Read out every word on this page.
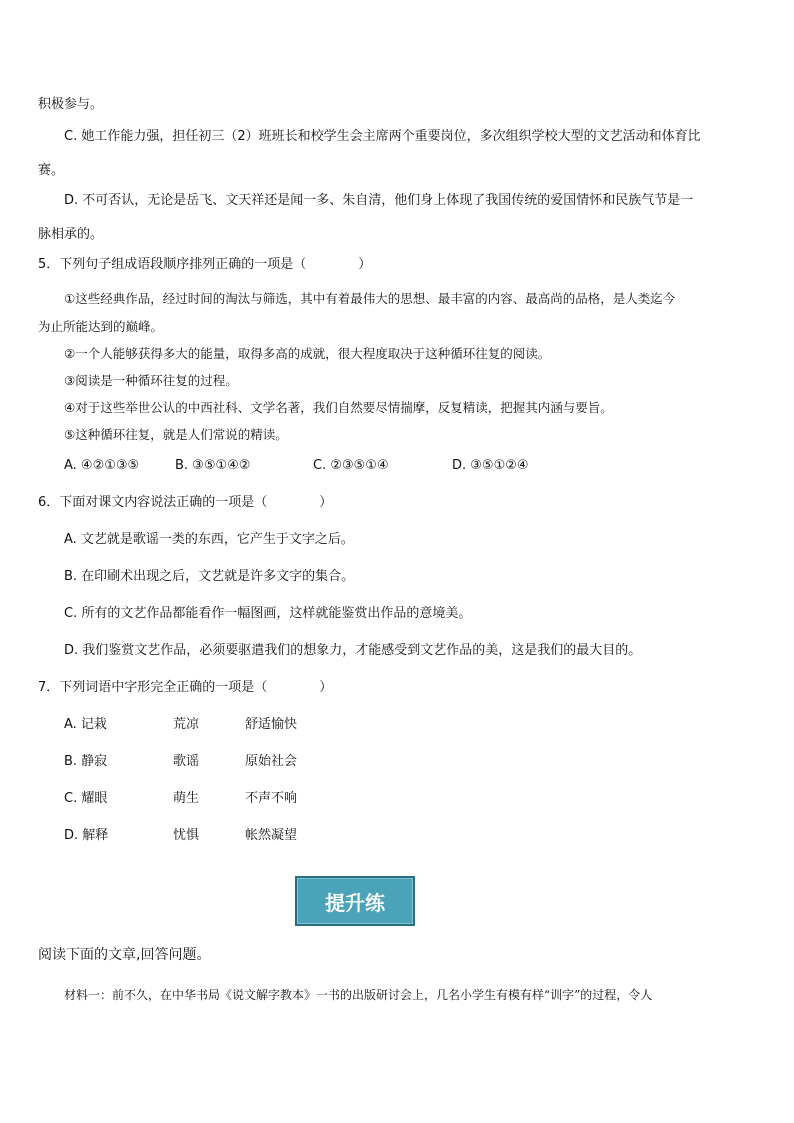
积极参与。
C. 她工作能力强，担任初三（2）班班长和校学生会主席两个重要岗位，多次组织学校大型的文艺活动和体育比
赛。
D. 不可否认，无论是岳飞、文天祥还是闻一多、朱自清，他们身上体现了我国传统的爱国情怀和民族气节是一
脉相承的。
5．下列句子组成语段顺序排列正确的一项是（　　　　）
①这些经典作品，经过时间的淘汰与筛选，其中有着最伟大的思想、最丰富的内容、最高尚的品格，是人类迄今
为止所能达到的巅峰。
②一个人能够获得多大的能量，取得多高的成就，很大程度取决于这种循环往复的阅读。
③阅读是一种循环往复的过程。
④对于这些举世公认的中西社科、文学名著，我们自然要尽情揣摩，反复精读，把握其内涵与要旨。
⑤这种循环往复，就是人们常说的精读。
A. ④②①③⑤	B. ③⑤①④②	C. ②③⑤①④	D. ③⑤①②④
6．下面对课文内容说法正确的一项是（　　　　）
A. 文艺就是歌谣一类的东西，它产生于文字之后。
B. 在印刷术出现之后，文艺就是许多文字的集合。
C. 所有的文艺作品都能看作一幅图画，这样就能鉴赏出作品的意境美。
D. 我们鉴赏文艺作品，必须要驱遣我们的想象力，才能感受到文艺作品的美，这是我们的最大目的。
7．下列词语中字形完全正确的一项是（　　　　）
A. 记栽	荒凉	舒适愉快
B. 静寂	歌谣	原始社会
C. 耀眼	萌生	不声不响
D. 解释	忧惧	帐然凝望
提升练
阅读下面的文章,回答问题。
材料一：前不久，在中华书局《说文解字教本》一书的出版研讨会上，几名小学生有模有样“训字”的过程，令人
